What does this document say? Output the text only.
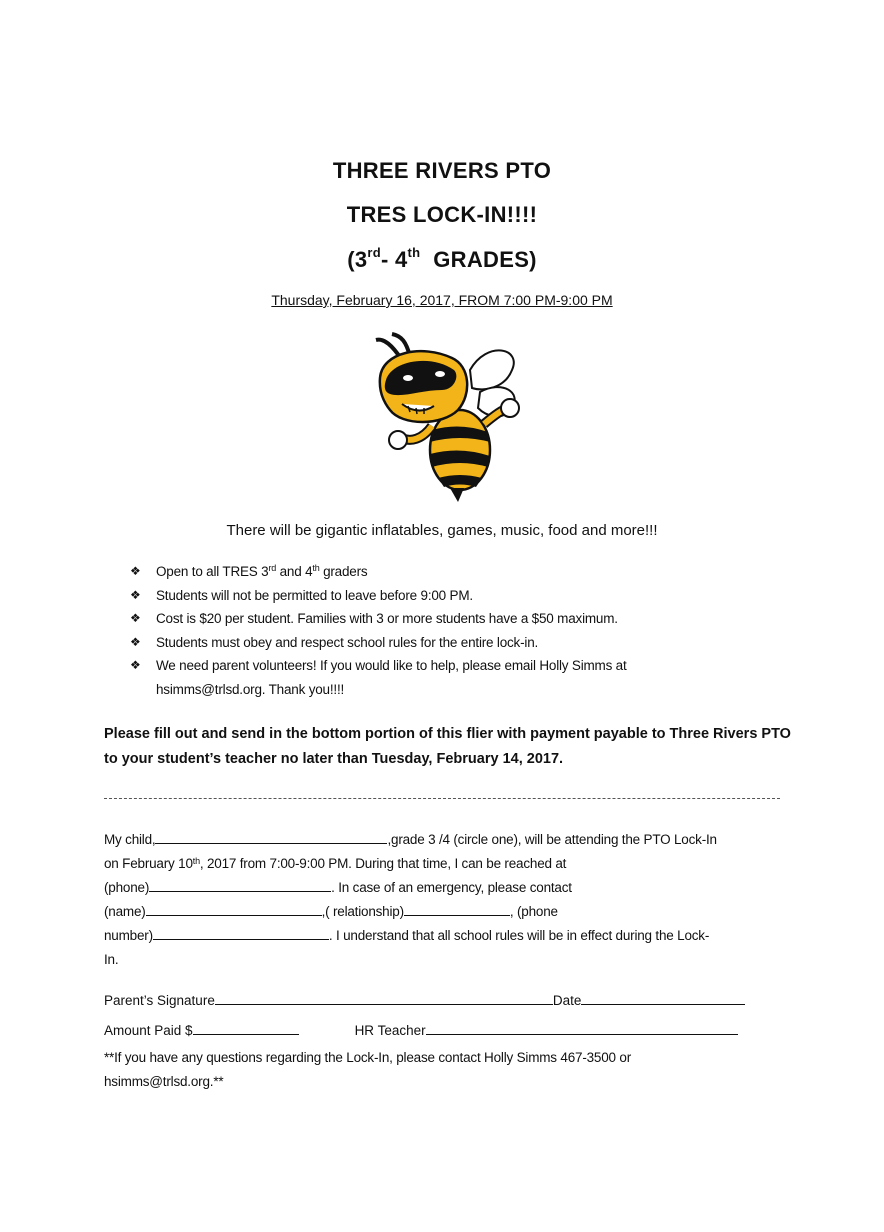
THREE RIVERS PTO
TRES LOCK-IN!!!!
(3rd- 4th  GRADES)
Thursday, February 16, 2017, FROM 7:00 PM-9:00 PM
There will be gigantic inflatables, games, music, food and more!!!
❖ Open to all TRES 3rd and 4th graders
❖ Students will not be permitted to leave before 9:00 PM.
❖ Cost is $20 per student. Families with 3 or more students have a $50 maximum.
❖ Students must obey and respect school rules for the entire lock-in.
❖ We need parent volunteers! If you would like to help, please email Holly Simms at
hsimms@trlsd.org. Thank you!!!!
Please fill out and send in the bottom portion of this flier with payment payable to Three Rivers PTO to your student’s teacher no later than Tuesday, February 14, 2017.
My child,	,grade 3 /4 (circle one), will be attending the PTO Lock-In
on February 10th, 2017 from 7:00-9:00 PM. During that time, I can be reached at
(phone)	. In case of an emergency, please contact
(name)	,( relationship)	, (phone
number)	. I understand that all school rules will be in effect during the Lock-
In.
Parent’s Signature	Date
Amount Paid $	HR Teacher
**If you have any questions regarding the Lock-In, please contact Holly Simms 467-3500 or hsimms@trlsd.org.**
